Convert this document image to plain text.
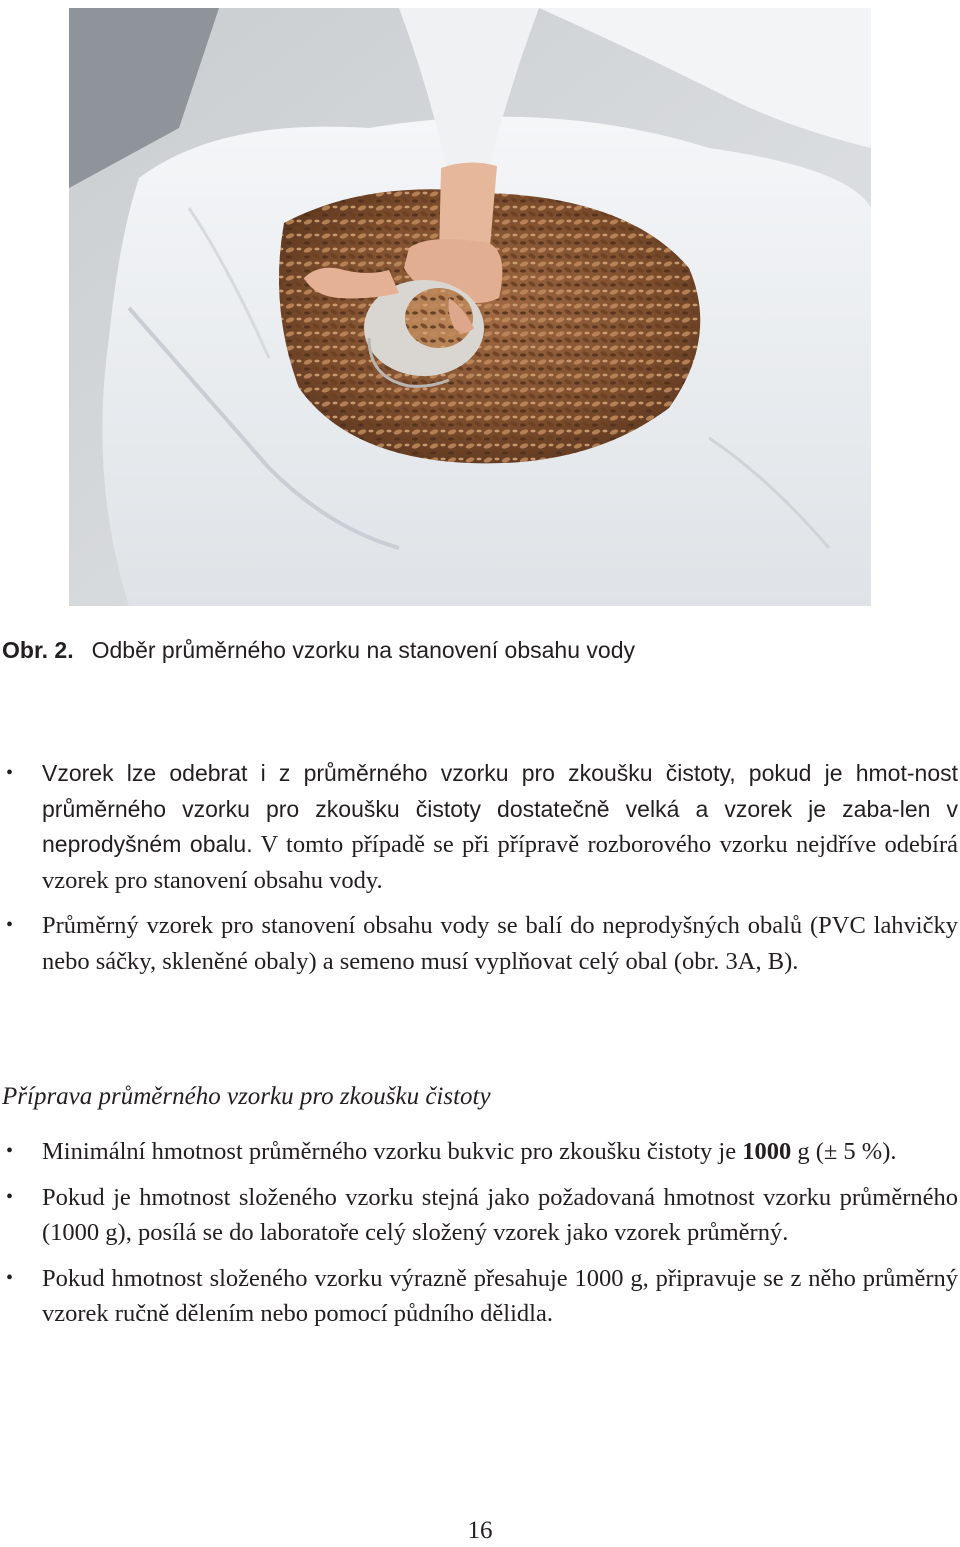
Obr. 2. Odběr průměrného vzorku na stanovení obsahu vody
• Vzorek lze odebrat i z průměrného vzorku pro zkoušku čistoty, pokud je hmot-nost průměrného vzorku pro zkoušku čistoty dostatečně velká a vzorek je zaba-len v neprodyšném obalu. V tomto případě se při přípravě rozborového vzorku nejdříve odebírá vzorek pro stanovení obsahu vody.
• Průměrný vzorek pro stanovení obsahu vody se balí do neprodyšných obalů (PVC lahvičky nebo sáčky, skleněné obaly) a semeno musí vyplňovat celý obal (obr. 3A, B).
Příprava průměrného vzorku pro zkoušku čistoty
• Minimální hmotnost průměrného vzorku bukvic pro zkoušku čistoty je 1000 g (± 5 %).
• Pokud je hmotnost složeného vzorku stejná jako požadovaná hmotnost vzorku průměrného (1000 g), posílá se do laboratoře celý složený vzorek jako vzorek průměrný.
• Pokud hmotnost složeného vzorku výrazně přesahuje 1000 g, připravuje se z něho průměrný vzorek ručně dělením nebo pomocí půdního dělidla.
16
